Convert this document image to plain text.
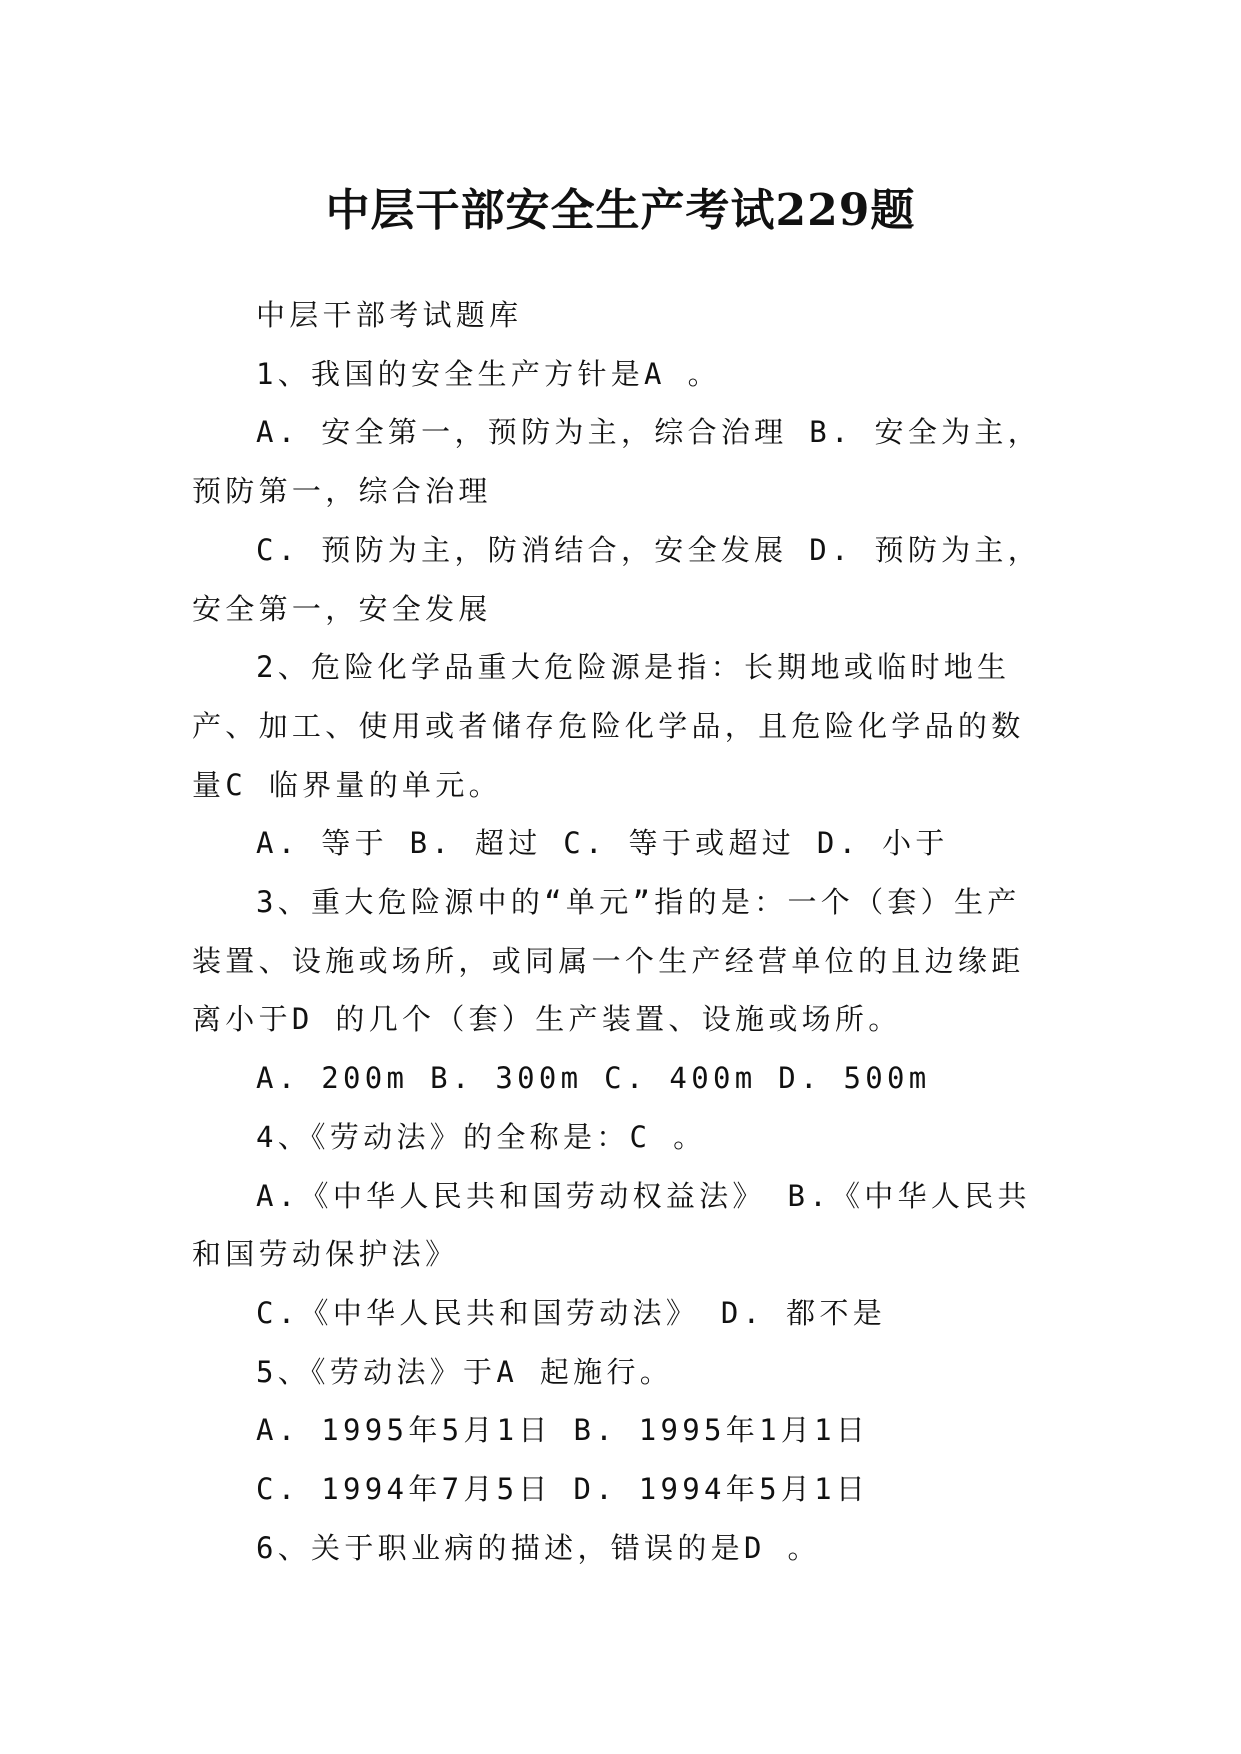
中层干部安全生产考试229题

中层干部考试题库

1、我国的安全生产方针是A 。

A. 安全第一，预防为主，综合治理 B. 安全为主，预防第一，综合治理

C. 预防为主，防消结合，安全发展 D. 预防为主，安全第一，安全发展

2、危险化学品重大危险源是指：长期地或临时地生产、加工、使用或者储存危险化学品，且危险化学品的数量C 临界量的单元。

A. 等于 B. 超过 C. 等于或超过 D. 小于

3、重大危险源中的“单元”指的是：一个（套）生产装置、设施或场所，或同属一个生产经营单位的且边缘距离小于D 的几个（套）生产装置、设施或场所。

A. 200m B. 300m C. 400m D. 500m

4、《劳动法》的全称是：C 。

A.《中华人民共和国劳动权益法》 B.《中华人民共和国劳动保护法》

C.《中华人民共和国劳动法》 D. 都不是

5、《劳动法》于A 起施行。

A. 1995年5月1日 B. 1995年1月1日

C. 1994年7月5日 D. 1994年5月1日

6、关于职业病的描述，错误的是D 。
